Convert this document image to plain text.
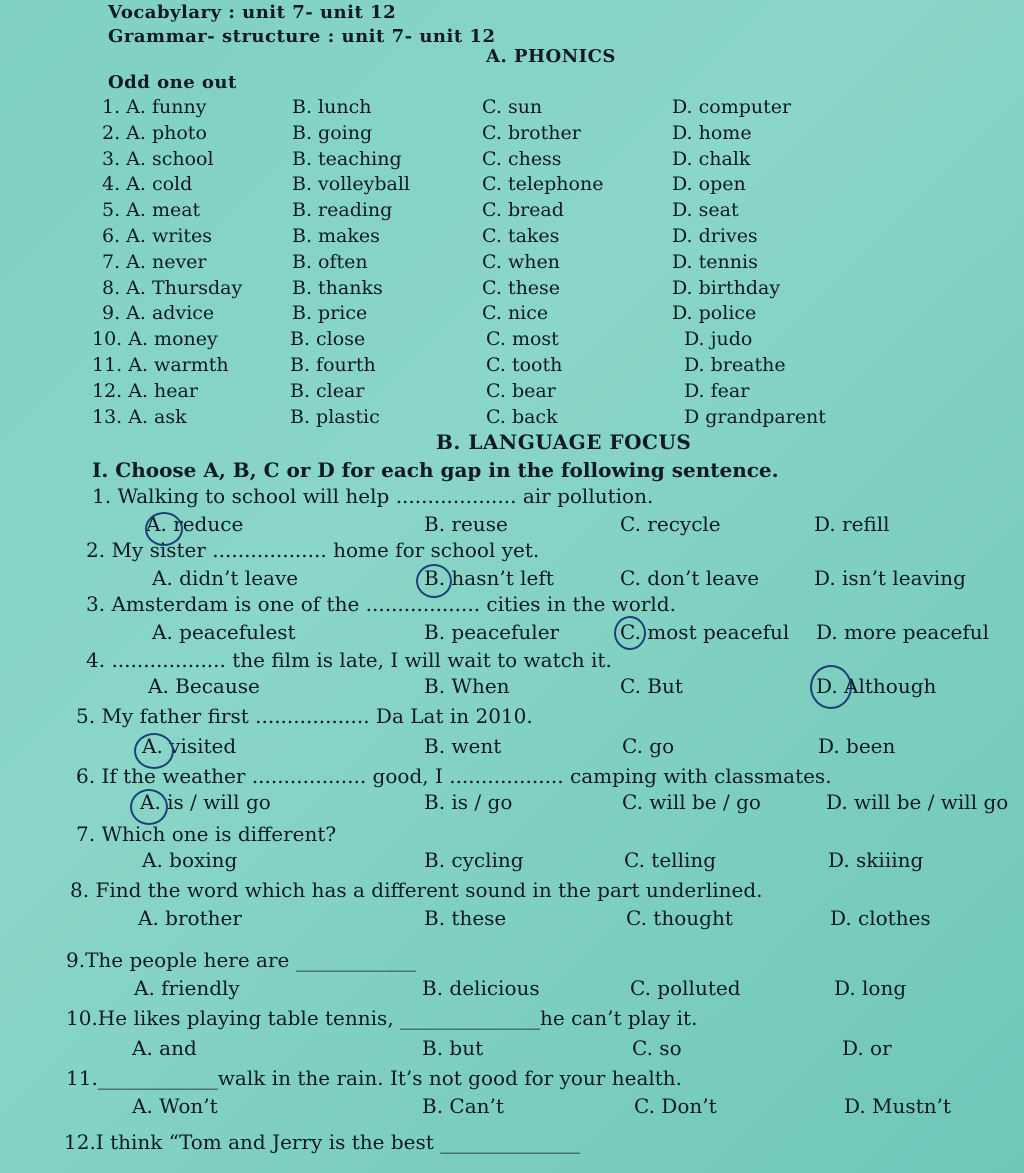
Vocabylary : unit 7- unit 12
Grammar- structure : unit 7- unit 12
A. PHONICS
Odd one out
1. A. funny	B. lunch	C. sun	D. computer
2. A. photo	B. going	C. brother	D. home
3. A. school	B. teaching	C. chess	D. chalk
4. A. cold	B. volleyball	C. telephone	D. open
5. A. meat	B. reading	C. bread	D. seat
6. A. writes	B. makes	C. takes	D. drives
7. A. never	B. often	C. when	D. tennis
8. A. Thursday	B. thanks	C. these	D. birthday
9. A. advice	B. price	C. nice	D. police
10. A. money	B. close	C. most	D. judo
11. A. warmth	B. fourth	C. tooth	D. breathe
12. A. hear	B. clear	C. bear	D. fear
13. A. ask	B. plastic	C. back	D grandparent
B. LANGUAGE FOCUS
I. Choose A, B, C or D for each gap in the following sentence.
1. Walking to school will help ................... air pollution.
A. reduce	B. reuse	C. recycle	D. refill
2. My sister .................. home for school yet.
A. didn’t leave	B. hasn’t left	C. don’t leave	D. isn’t leaving
3. Amsterdam is one of the .................. cities in the world.
A. peacefulest	B. peacefuler	C. most peaceful D. more peaceful
4. .................. the film is late, I will wait to watch it.
A. Because	B. When	C. But	D. Although
5. My father first .................. Da Lat in 2010.
A. visited	B. went	C. go	D. been
6. If the weather .................. good, I .................. camping with classmates.
A. is / will go	B. is / go	C. will be / go	D. will be / will go
7. Which one is different?
A. boxing	B. cycling	C. telling	D. skiiing
8. Find the word which has a different sound in the part underlined.
A. brother	B. these	C. thought	D. clothes
9.The people here are ____________
A. friendly	B. delicious	C. polluted	D. long
10.He likes playing table tennis, ______________he can’t play it.
A. and	B. but	C. so	D. or
11.____________walk in the rain. It’s not good for your health.
A. Won’t	B. Can’t	C. Don’t	D. Mustn’t
12.I think “Tom and Jerry is the best ______________
